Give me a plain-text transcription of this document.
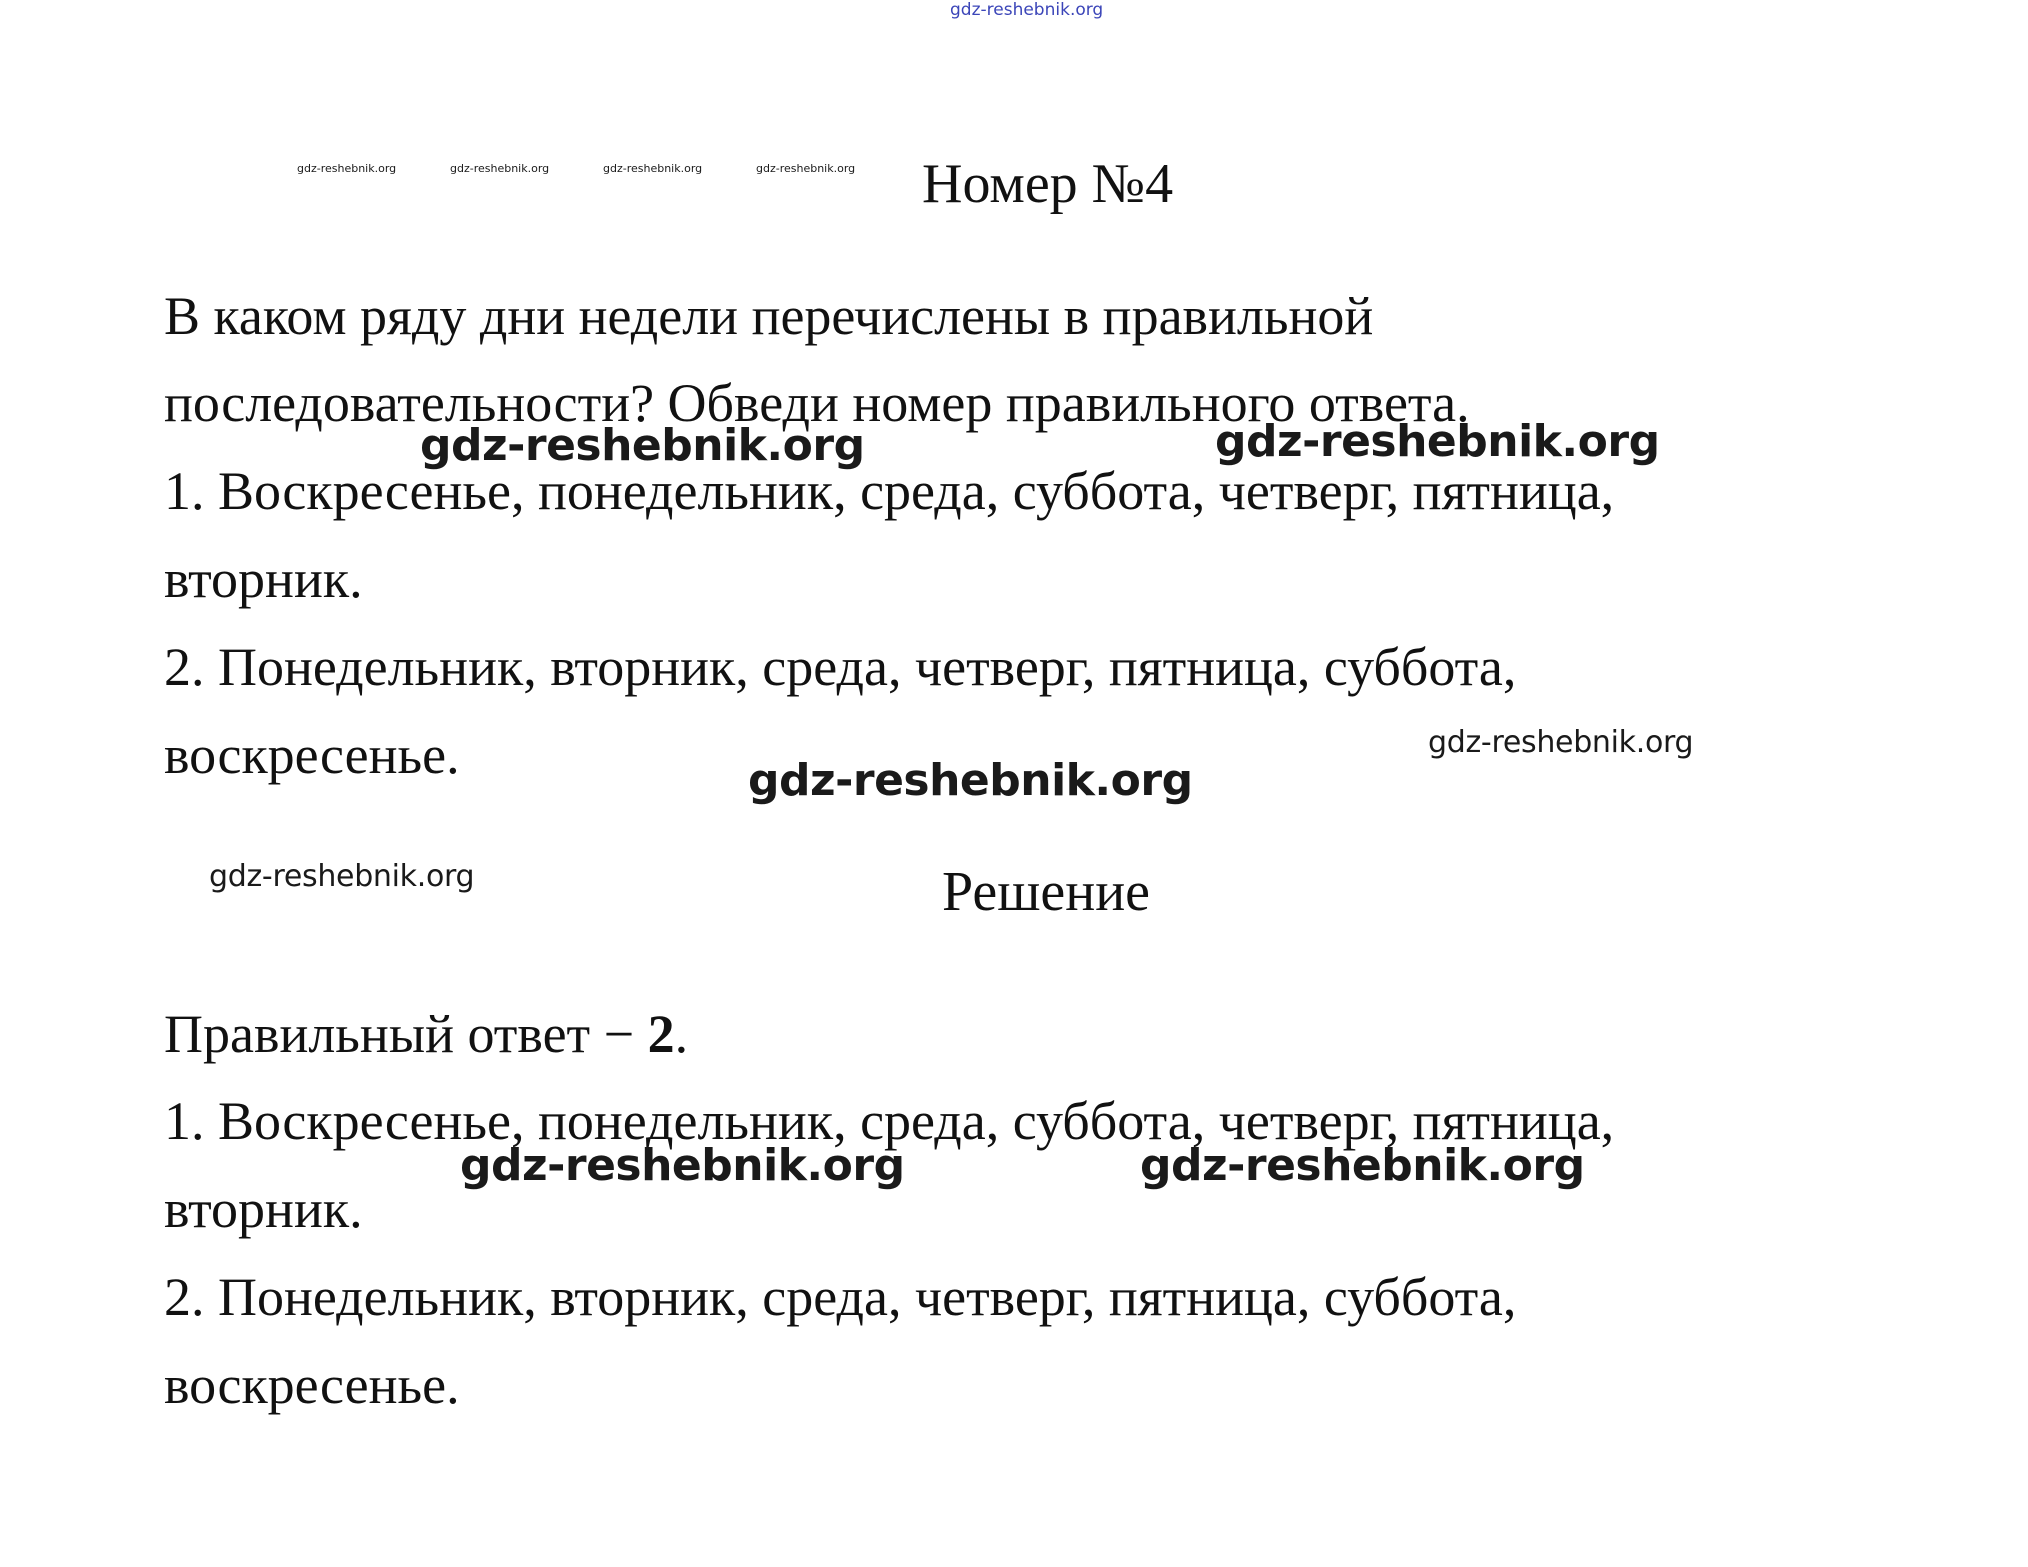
gdz-reshebnik.org
gdz-reshebnik.org	gdz-reshebnik.org	gdz-reshebnik.org	gdz-reshebnik.org Номер №4
В каком ряду дни недели перечислены в правильной
последовательности? Обведи номер правильного ответа.
gdz-reshebnik.org	gdz-reshebnik.org
1. Воскресенье, понедельник, среда, суббота, четверг, пятница,
вторник.
2. Понедельник, вторник, среда, четверг, пятница, суббота,
воскресенье.	gdz-reshebnik.org
gdz-reshebnik.org
gdz-reshebnik.org	Решение
Правильный ответ − 2.
1. Воскресенье, понедельник, среда, суббота, четверг, пятница,
вторник.
gdz-reshebnik.org	gdz-reshebnik.org
2. Понедельник, вторник, среда, четверг, пятница, суббота,
воскресенье.
